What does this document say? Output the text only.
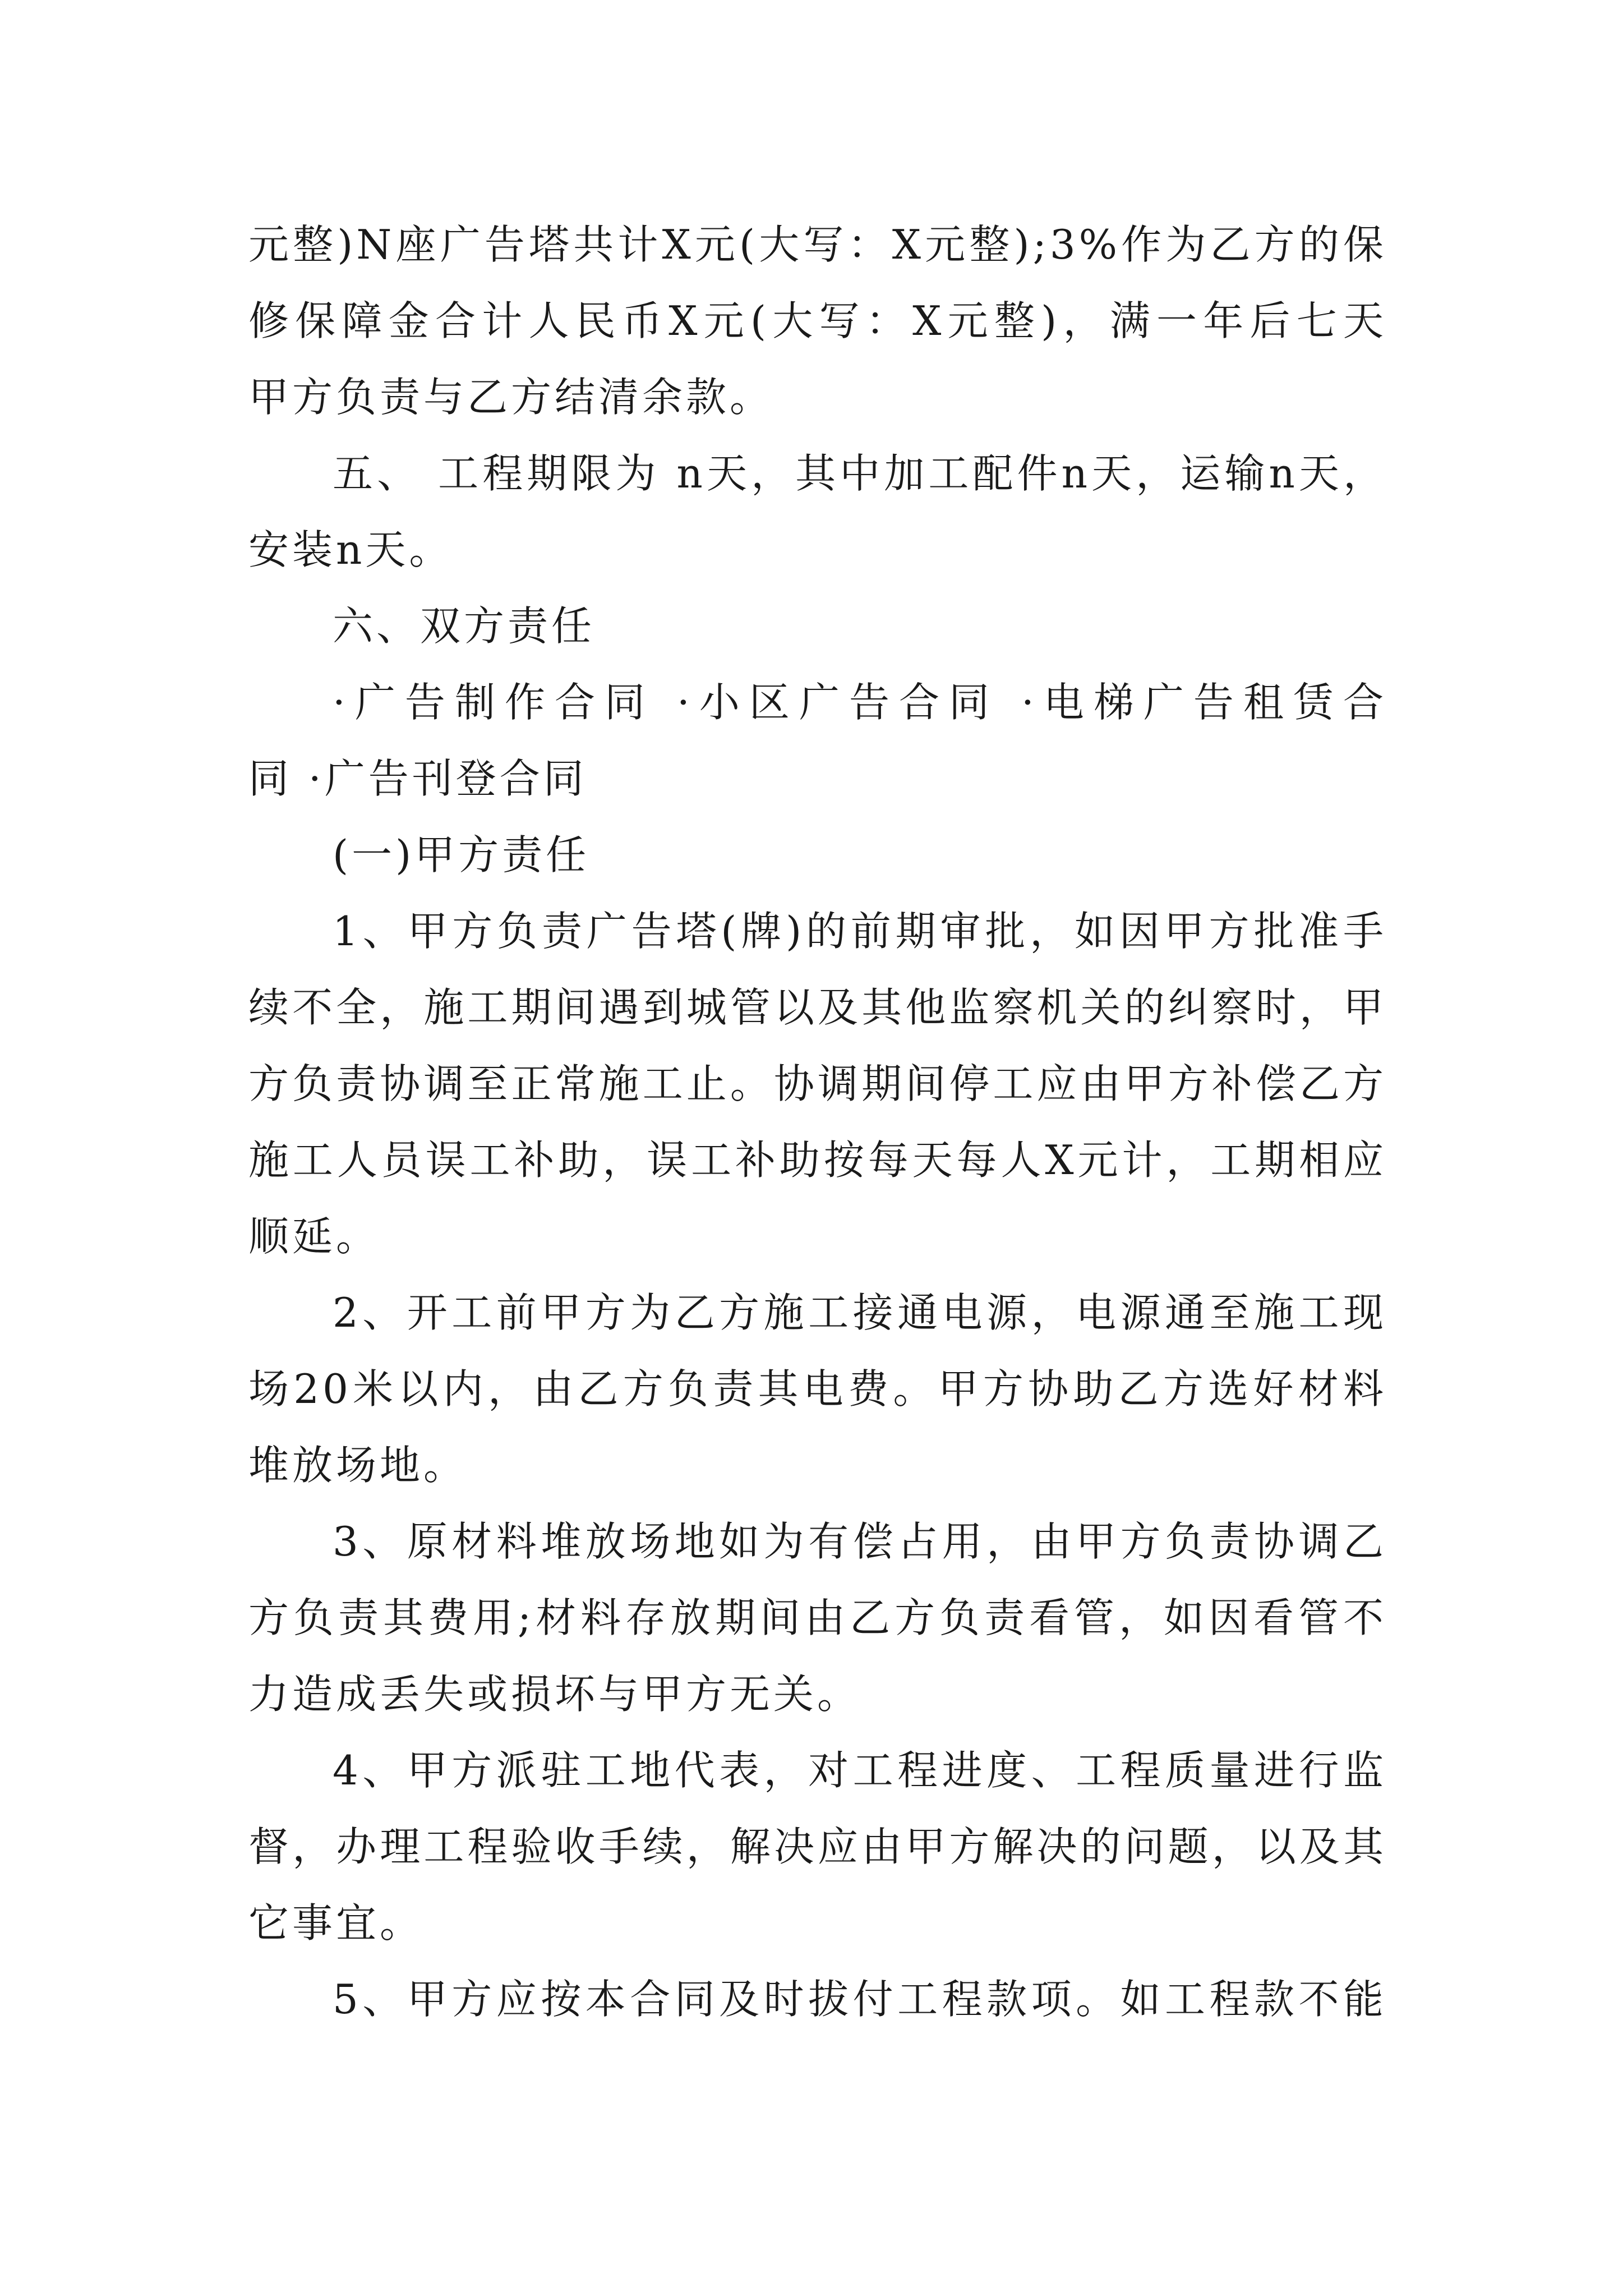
元整)N座广告塔共计X元(大写：X元整);3%作为乙方的保
修保障金合计人民币X元(大写：X元整)，满一年后七天
甲方负责与乙方结清余款。
五、 工程期限为 n天，其中加工配件n天，运输n天，
安装n天。
六、双方责任
·广告制作合同 ·小区广告合同 ·电梯广告租赁合
同 ·广告刊登合同
(一)甲方责任
1、甲方负责广告塔(牌)的前期审批，如因甲方批准手
续不全，施工期间遇到城管以及其他监察机关的纠察时，甲
方负责协调至正常施工止。协调期间停工应由甲方补偿乙方
施工人员误工补助，误工补助按每天每人X元计，工期相应
顺延。
2、开工前甲方为乙方施工接通电源，电源通至施工现
场20米以内，由乙方负责其电费。甲方协助乙方选好材料
堆放场地。
3、原材料堆放场地如为有偿占用，由甲方负责协调乙
方负责其费用;材料存放期间由乙方负责看管，如因看管不
力造成丢失或损坏与甲方无关。
4、甲方派驻工地代表，对工程进度、工程质量进行监
督，办理工程验收手续，解决应由甲方解决的问题，以及其
它事宜。
5、甲方应按本合同及时拔付工程款项。如工程款不能
